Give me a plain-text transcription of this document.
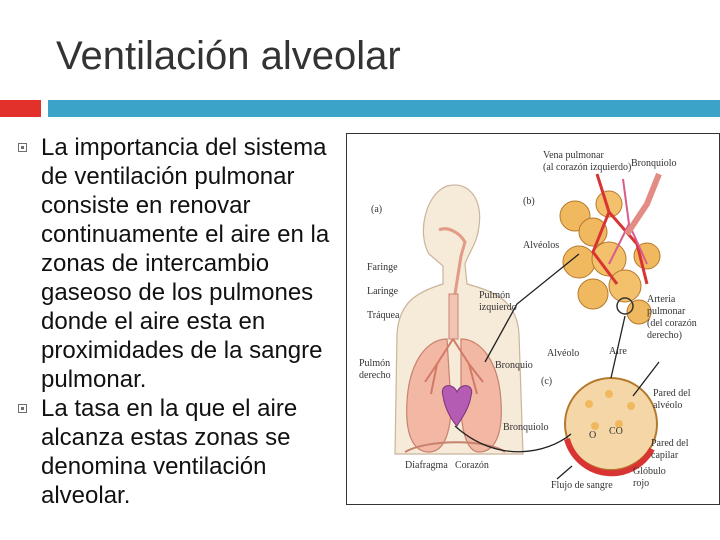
Ventilación alveolar
La importancia del sistema de ventilación pulmonar consiste en renovar continuamente el aire en la zonas de intercambio gaseoso de los pulmones donde el aire esta en proximidades de la sangre pulmonar.
La tasa en la que el aire alcanza estas zonas se denomina ventilación alveolar.
(a)
(b)
(c)
Vena pulmonar
(al corazón izquierdo) Bronquiolo
Alvéolos
Faringe
Laringe
Tráquea
Pulmón
izquierdo
Arteria
pulmonar
(del corazón
derecho)
Pulmón
derecho
Bronquio
Alvéolo	Aire
Pared del
alvéolo
Bronquiolo
O CO
Pared del
capilar
Diafragma Corazón
Glóbulo
rojo
Flujo de sangre
